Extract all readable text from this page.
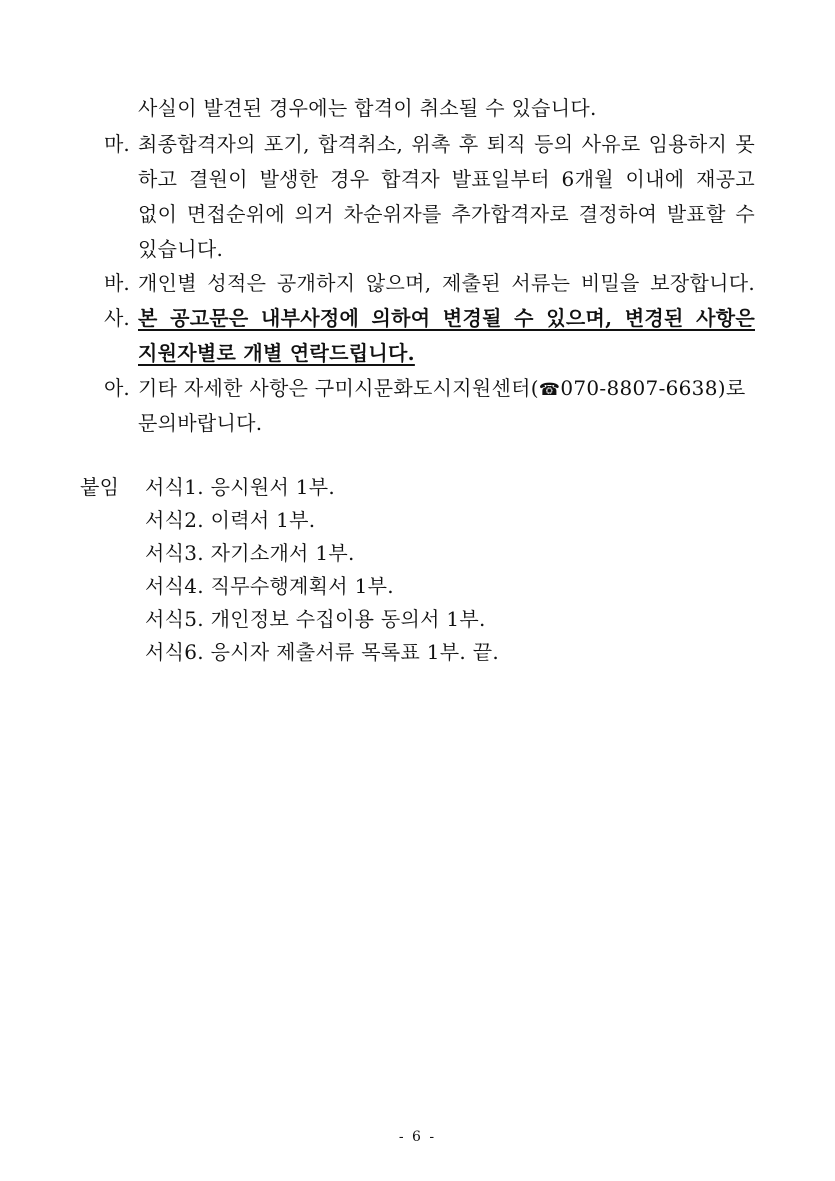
사실이 발견된 경우에는 합격이 취소될 수 있습니다.
마. 최종합격자의 포기, 합격취소, 위촉 후 퇴직 등의 사유로 임용하지 못
하고 결원이 발생한 경우 합격자 발표일부터 6개월 이내에 재공고
없이 면접순위에 의거 차순위자를 추가합격자로 결정하여 발표할 수
있습니다.
바. 개인별 성적은 공개하지 않으며, 제출된 서류는 비밀을 보장합니다.
사. 본 공고문은 내부사정에 의하여 변경될 수 있으며, 변경된 사항은
지원자별로 개별 연락드립니다.
아. 기타 자세한 사항은 구미시문화도시지원센터(☎070-8807-6638)로
문의바랍니다.
붙임 서식1. 응시원서 1부.
서식2. 이력서 1부.
서식3. 자기소개서 1부.
서식4. 직무수행계획서 1부.
서식5. 개인정보 수집이용 동의서 1부.
서식6. 응시자 제출서류 목록표 1부. 끝.
- 6 -
